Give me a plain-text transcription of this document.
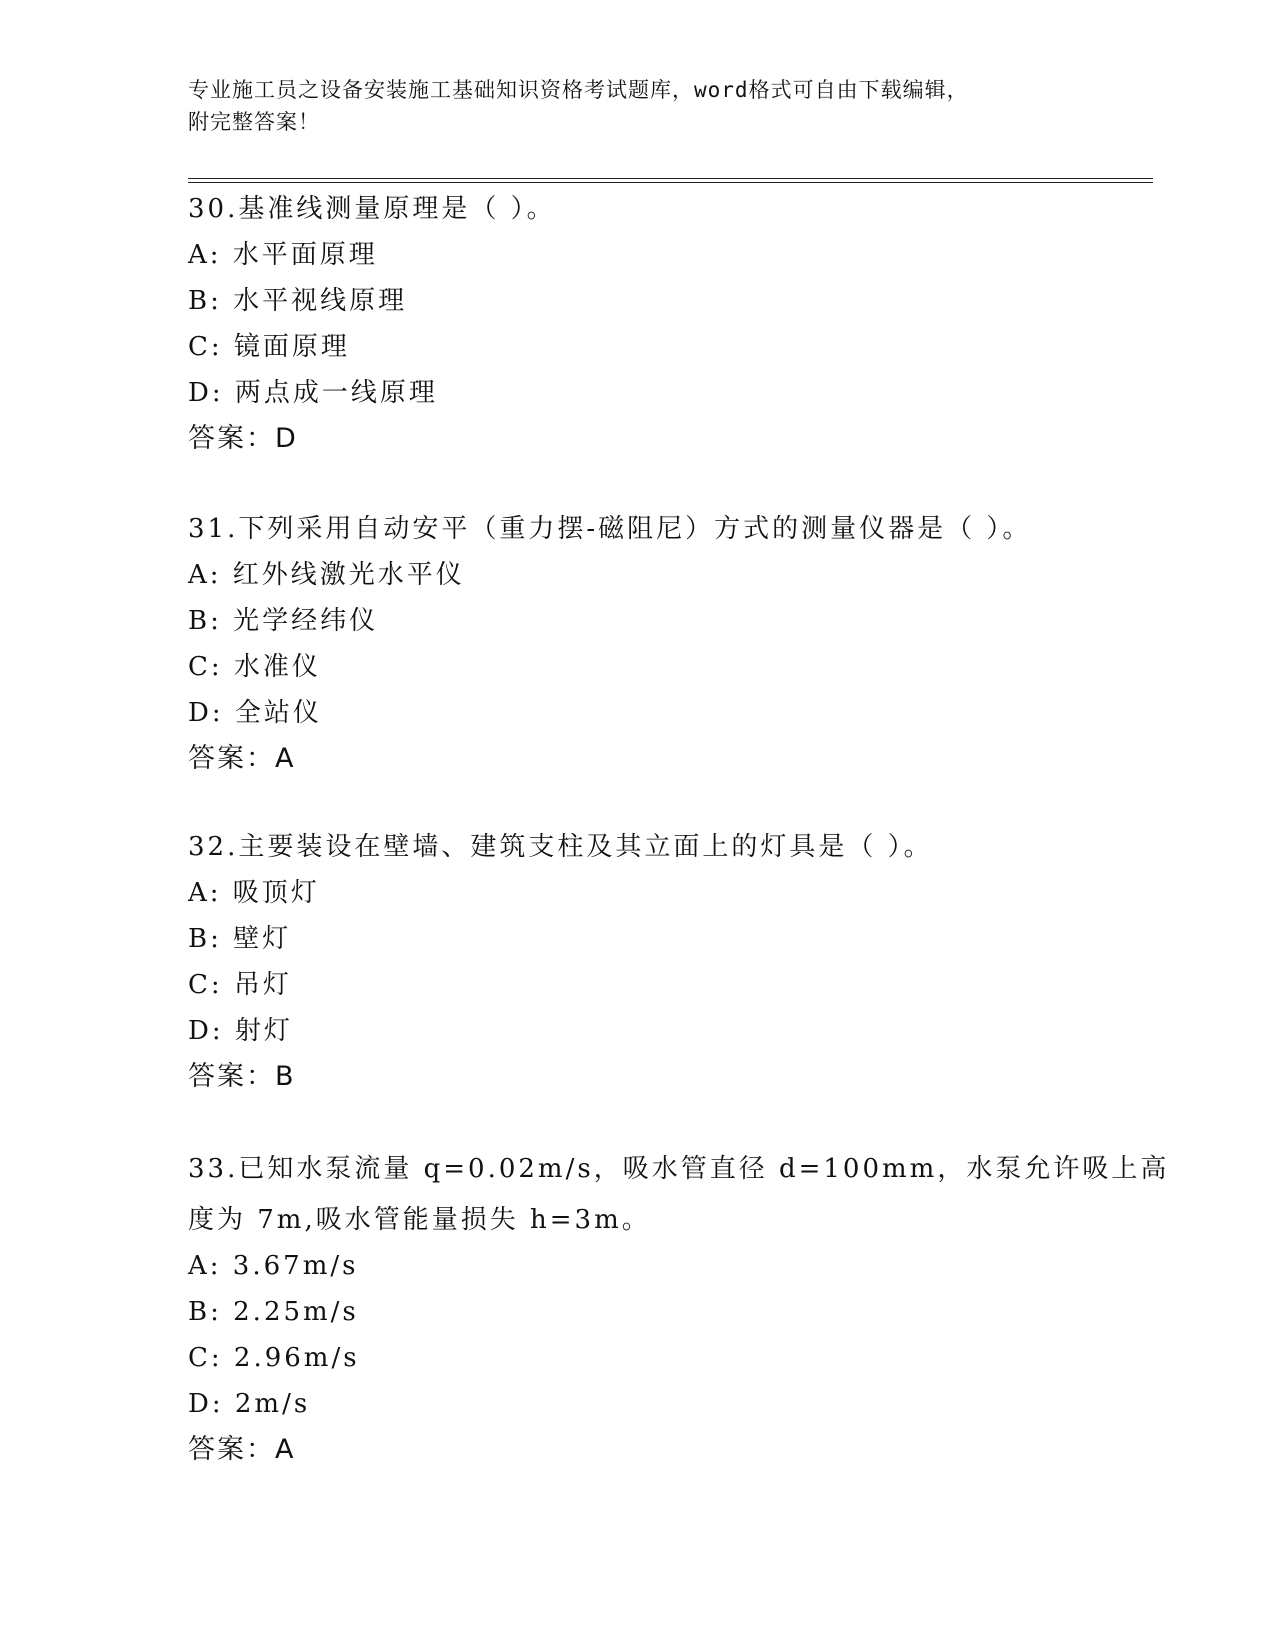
专业施工员之设备安装施工基础知识资格考试题库，word格式可自由下载编辑，
附完整答案！
30.基准线测量原理是（ ）。
A: 水平面原理
B: 水平视线原理
C: 镜面原理
D: 两点成一线原理
答案：D
31.下列采用自动安平（重力摆-磁阻尼）方式的测量仪器是（ ）。
A: 红外线激光水平仪
B: 光学经纬仪
C: 水准仪
D: 全站仪
答案：A
32.主要装设在壁墙、建筑支柱及其立面上的灯具是（ ）。
A: 吸顶灯
B: 壁灯
C: 吊灯
D: 射灯
答案：B
33.已知水泵流量 q=0.02m/s，吸水管直径 d=100mm，水泵允许吸上高
度为 7m,吸水管能量损失 h=3m。
A: 3.67m/s
B: 2.25m/s
C: 2.96m/s
D: 2m/s
答案：A
